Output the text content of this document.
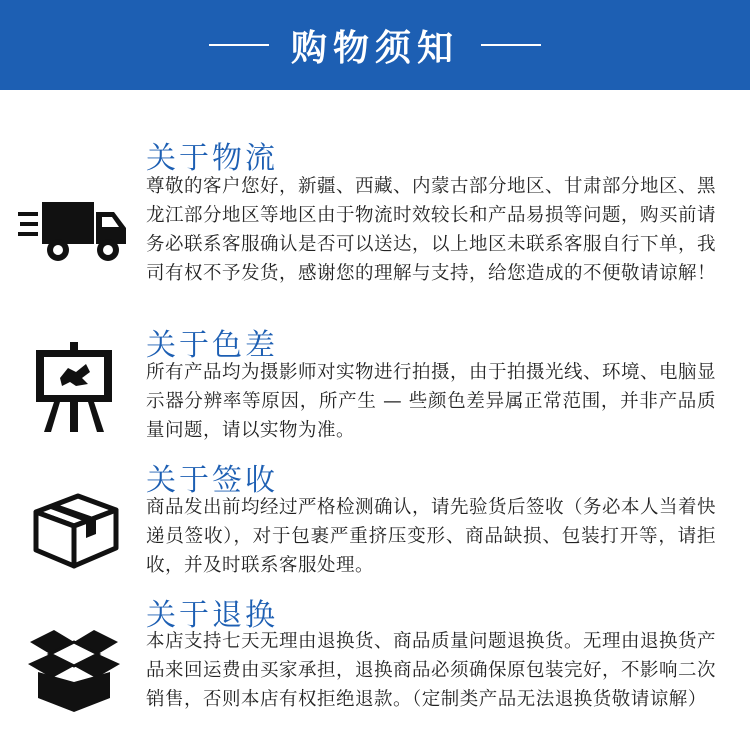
购物须知
关于物流
尊敬的客户您好，新疆、西藏、内蒙古部分地区、甘肃部分地区、黑龙江部分地区等地区由于物流时效较长和产品易损等问题，购买前请务必联系客服确认是否可以送达，以上地区未联系客服自行下单，我司有权不予发货，感谢您的理解与支持，给您造成的不便敬请谅解！
关于色差
所有产品均为摄影师对实物进行拍摄，由于拍摄光线、环境、电脑显示器分辨率等原因，所产生 — 些颜色差异属正常范围，并非产品质量问题，请以实物为准。
关于签收
商品发出前均经过严格检测确认，请先验货后签收（务必本人当着快递员签收），对于包裹严重挤压变形、商品缺损、包装打开等，请拒收，并及时联系客服处理。
关于退换
本店支持七天无理由退换货、商品质量问题退换货。无理由退换货产品来回运费由买家承担，退换商品必须确保原包装完好，不影响二次销售，否则本店有权拒绝退款。（定制类产品无法退换货敬请谅解）
